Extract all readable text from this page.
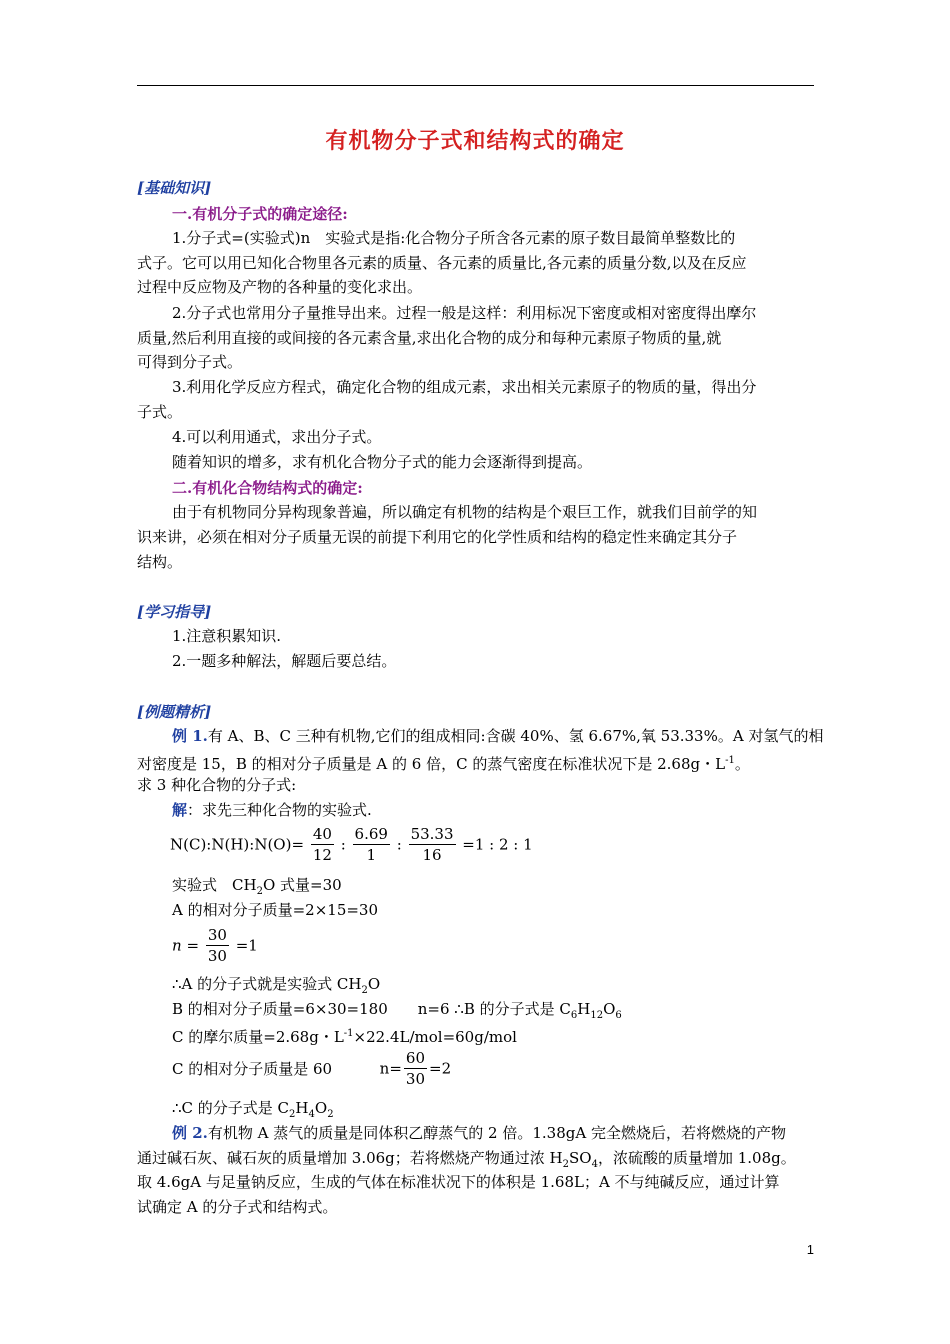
有机物分子式和结构式的确定
[基础知识]
一.有机分子式的确定途径:
1.分子式=(实验式)n　实验式是指:化合物分子所含各元素的原子数目最简单整数比的
式子。它可以用已知化合物里各元素的质量、各元素的质量比,各元素的质量分数,以及在反应
过程中反应物及产物的各种量的变化求出。
2.分子式也常用分子量推导出来。过程一般是这样：利用标况下密度或相对密度得出摩尔
质量,然后利用直接的或间接的各元素含量,求出化合物的成分和每种元素原子物质的量,就
可得到分子式。
3.利用化学反应方程式，确定化合物的组成元素，求出相关元素原子的物质的量，得出分
子式。
4.可以利用通式，求出分子式。
随着知识的增多，求有机化合物分子式的能力会逐渐得到提高。
二.有机化合物结构式的确定:
由于有机物同分异构现象普遍，所以确定有机物的结构是个艰巨工作，就我们目前学的知
识来讲，必须在相对分子质量无误的前提下利用它的化学性质和结构的稳定性来确定其分子
结构。
[学习指导]
1.注意积累知识.
2.一题多种解法，解题后要总结。
[例题精析]
例 1.有 A、B、C 三种有机物,它们的组成相同:含碳 40%、氢 6.67%,氧 53.33%。A 对氢气的相
对密度是 15，B 的相对分子质量是 A 的 6 倍，C 的蒸气密度在标准状况下是 2.68g・$L^{-1}$。
求 3 种化合物的分子式:
解：求先三种化合物的实验式.
N(C):N(H):N(O)= $\frac{40}{12}$ : $\frac{6.69}{1}$ : $\frac{53.33}{16} =1$ : 2 : 1
实验式　$CH_2O$ 式量=30
A 的相对分子质量=2×15=30
$n = \frac{30}{30} =1$
∴A 的分子式就是实验式 $CH_2O$
B 的相对分子质量=6×30=180　　n=6 ∴B 的分子式是 $C_6H_{12}O_6$
C 的摩尔质量=2.68g・$L^{-1}\times 22.4L/mol=60g$/mol
C 的相对分子质量是 60	$n= \frac{60}{30} =2$
∴C 的分子式是 $C_2H_4O_2$
例 2.有机物 A 蒸气的质量是同体积乙醇蒸气的 2 倍。1.38gA 完全燃烧后，若将燃烧的产物
通过碱石灰、碱石灰的质量增加 3.06g；若将燃烧产物通过浓 $H_2SO_4$，浓硫酸的质量增加 1.08g。
取 4.6gA 与足量钠反应，生成的气体在标准状况下的体积是 1.68L；A 不与纯碱反应，通过计算
试确定 A 的分子式和结构式。
1
